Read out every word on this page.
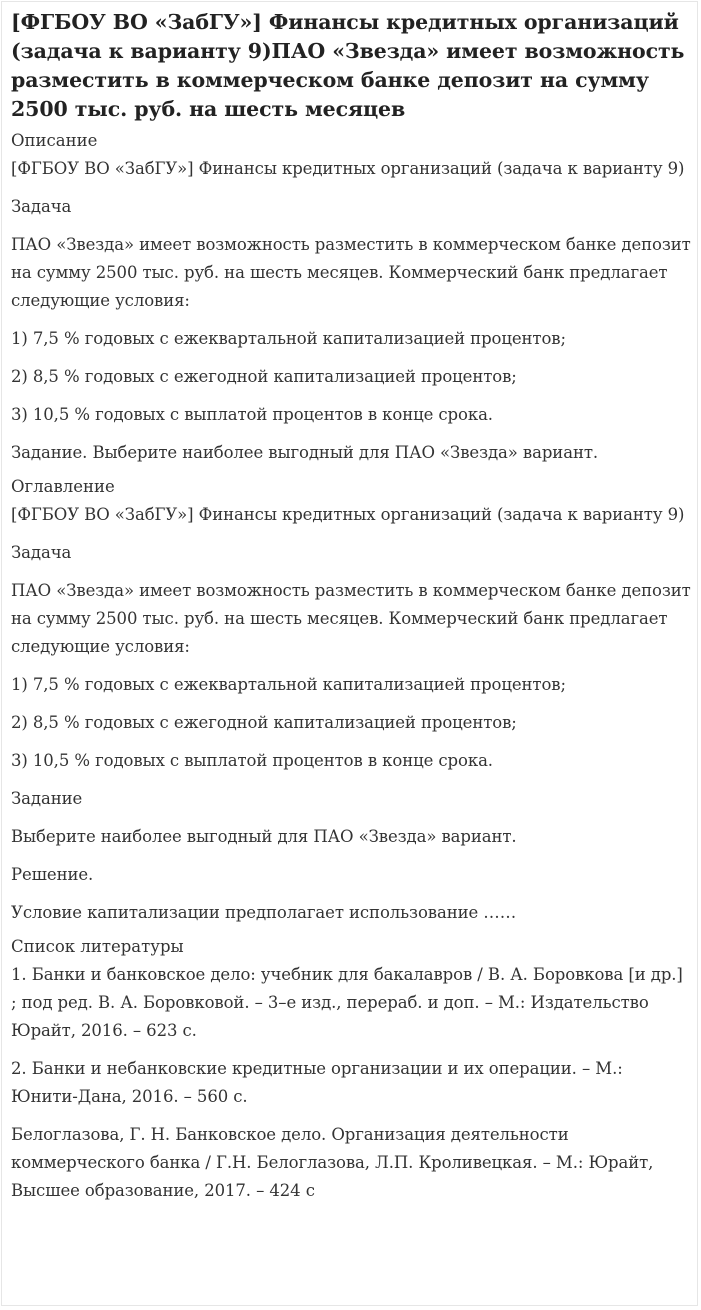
[ФГБОУ ВО «ЗабГУ»] Финансы кредитных организаций (задача к варианту 9)ПАО «Звезда» имеет возможность разместить в коммерческом банке депозит на сумму 2500 тыс. руб. на шесть месяцев
Описание

[ФГБОУ ВО «ЗабГУ»] Финансы кредитных организаций (задача к варианту 9)

Задача

ПАО «Звезда» имеет возможность разместить в коммерческом банке депозит на сумму 2500 тыс. руб. на шесть месяцев. Коммерческий банк предлагает следующие условия:

1) 7,5 % годовых с ежеквартальной капитализацией процентов;

2) 8,5 % годовых с ежегодной капитализацией процентов;

3) 10,5 % годовых с выплатой процентов в конце срока.

Задание. Выберите наиболее выгодный для ПАО «Звезда» вариант.

Оглавление

[ФГБОУ ВО «ЗабГУ»] Финансы кредитных организаций (задача к варианту 9)

Задача

ПАО «Звезда» имеет возможность разместить в коммерческом банке депозит на сумму 2500 тыс. руб. на шесть месяцев. Коммерческий банк предлагает следующие условия:

1) 7,5 % годовых с ежеквартальной капитализацией процентов;

2) 8,5 % годовых с ежегодной капитализацией процентов;

3) 10,5 % годовых с выплатой процентов в конце срока.

Задание

Выберите наиболее выгодный для ПАО «Звезда» вариант.

Решение.

Условие капитализации предполагает использование ……

Список литературы

1. Банки и банковское дело: учебник для бакалавров / В. А. Боровкова [и др.] ; под ред. В. А. Боровковой. – 3–е изд., перераб. и доп. – М.: Издательство Юрайт, 2016. – 623 с.

2. Банки и небанковские кредитные организации и их операции. – М.: Юнити-Дана, 2016. – 560 с.

Белоглазова, Г. Н. Банковское дело. Организация деятельности коммерческого банка / Г.Н. Белоглазова, Л.П. Кроливецкая. – М.: Юрайт, Высшее образование, 2017. – 424 с
